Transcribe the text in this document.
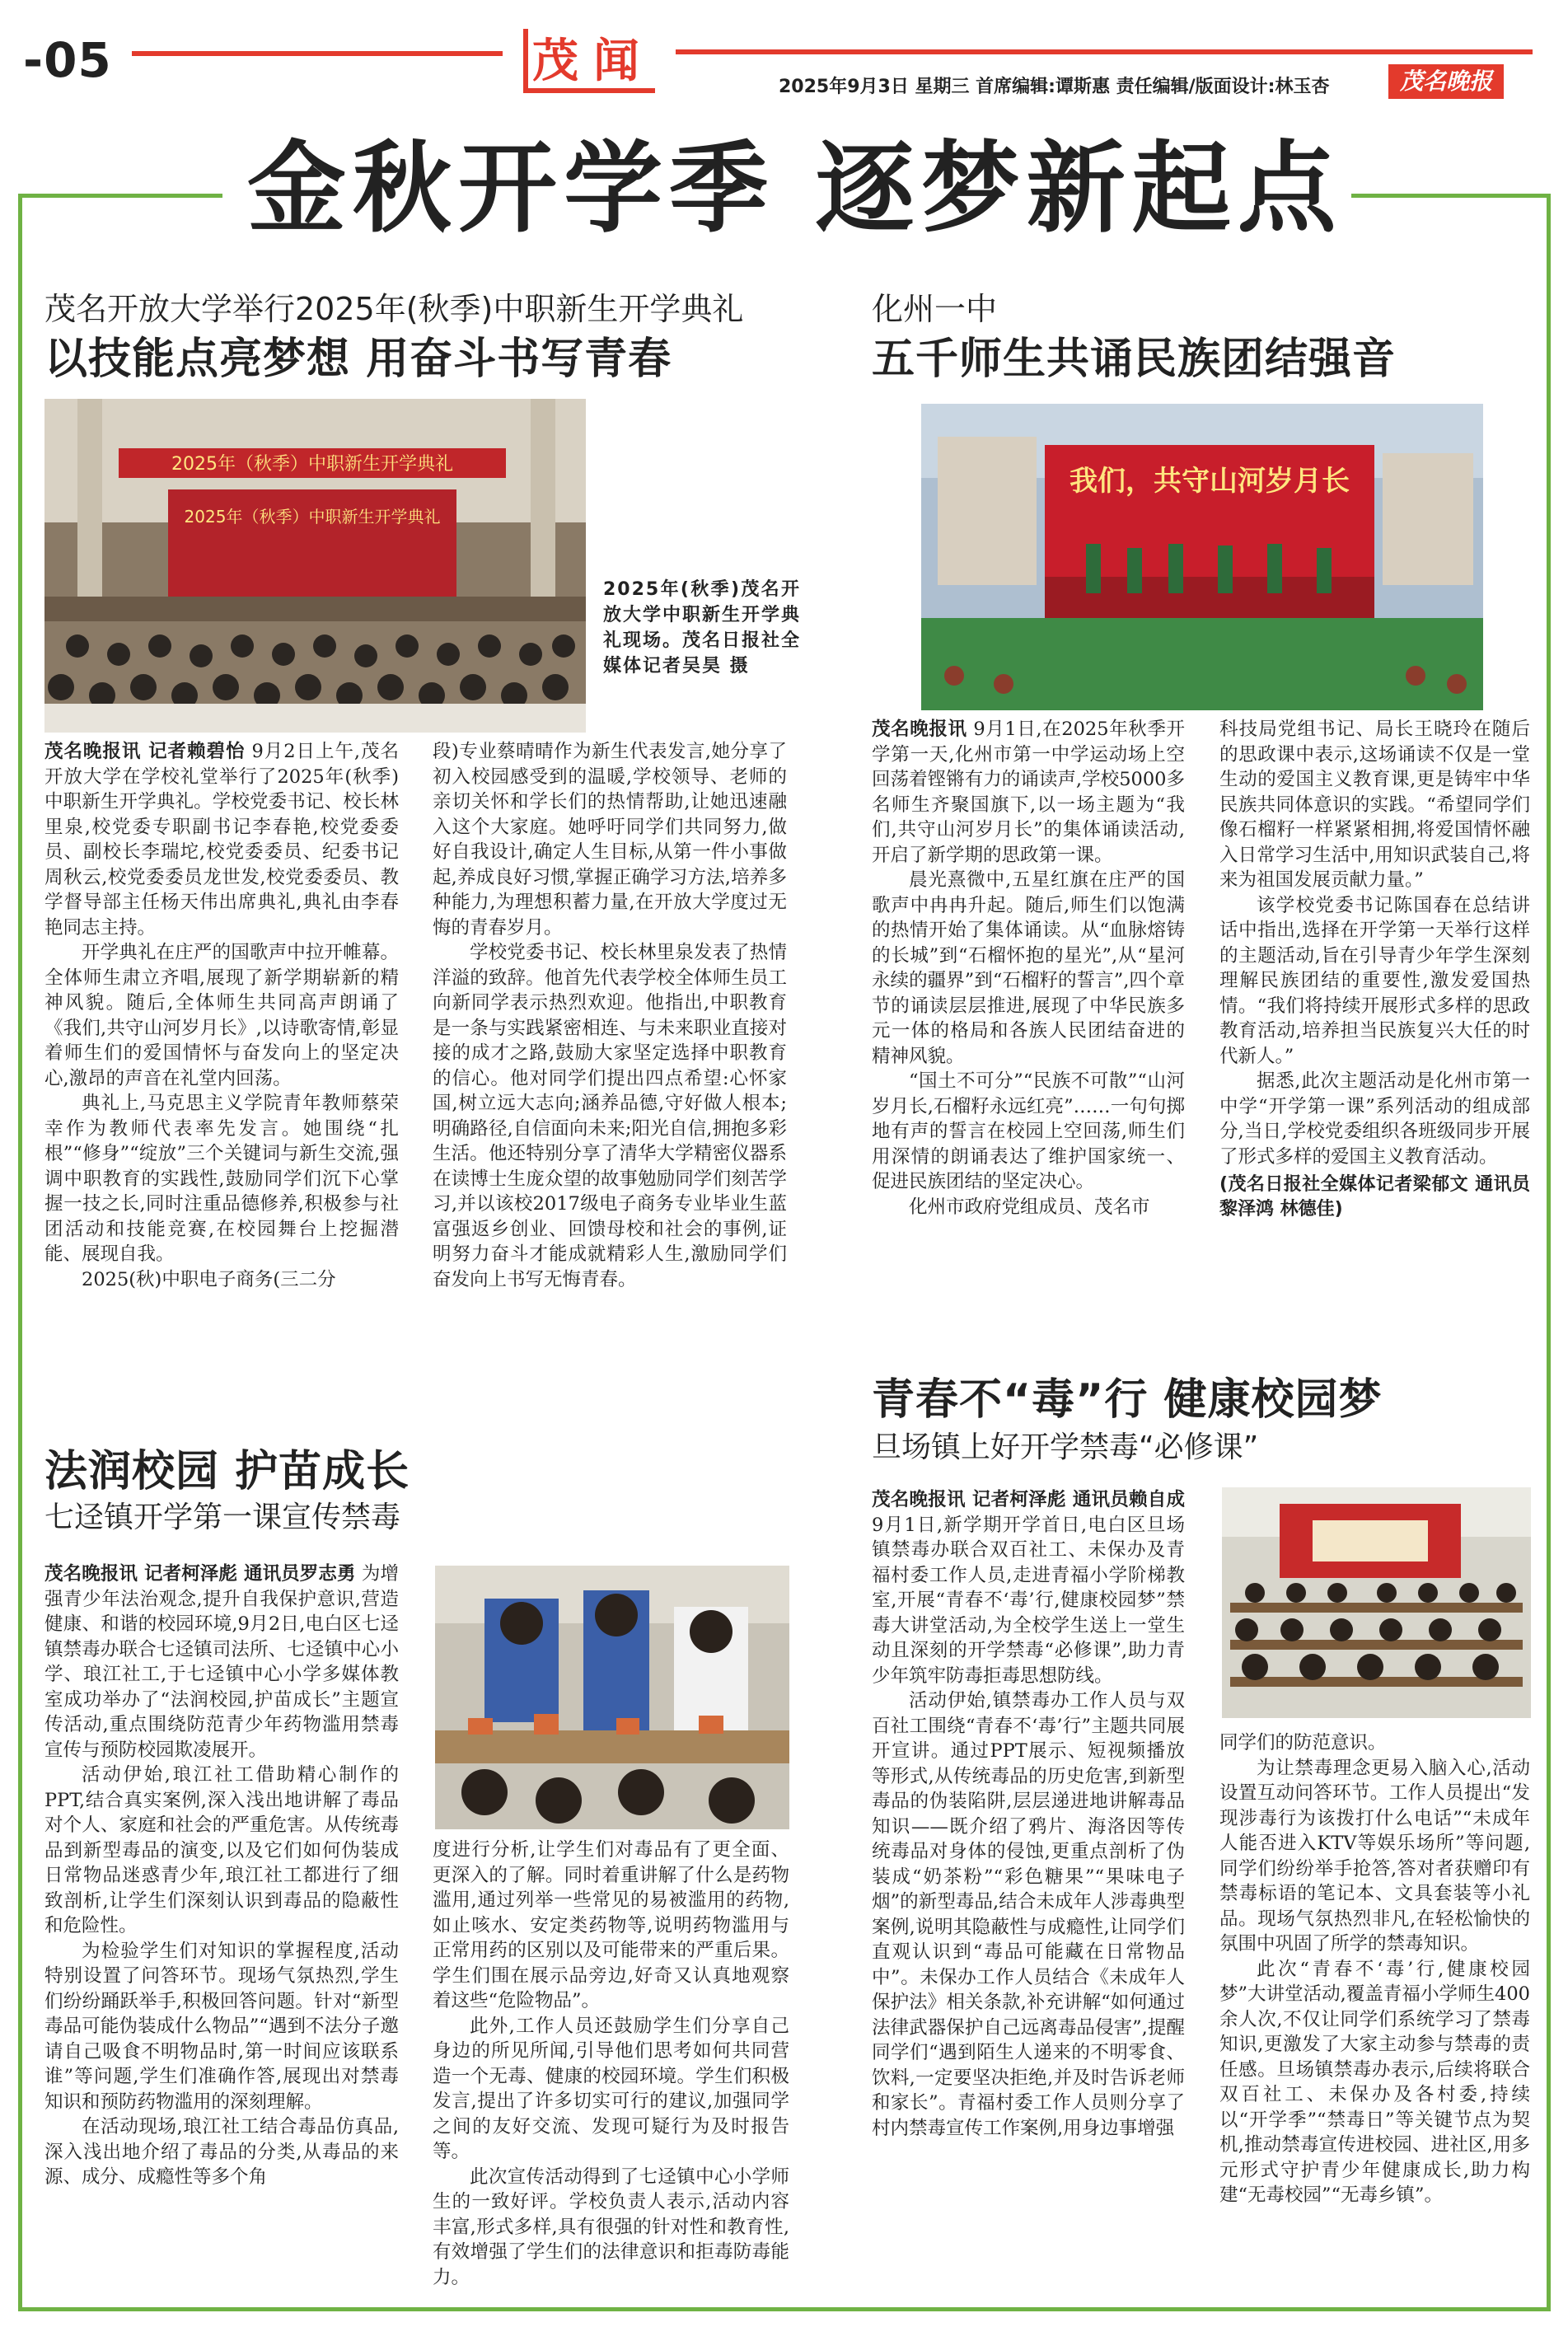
-05	茂 闻	2025年9月3日 星期三 首席编辑:谭斯惠 责任编辑/版面设计:林玉杏	茂名晚报
金秋开学季 逐梦新起点
茂名开放大学举行2025年(秋季)中职新生开学典礼
以技能点亮梦想 用奋斗书写青春
2025年（秋季）中职新生开学典礼
2025年（秋季）中职新生开学典礼
2025年(秋季)茂名开放大学中职新生开学典礼现场。茂名日报社全媒体记者吴昊 摄

茂名晚报讯 记者赖碧怡 9月2日上午,茂名开放大学在学校礼堂举行了2025年(秋季)中职新生开学典礼。学校党委书记、校长林里泉,校党委专职副书记李春艳,校党委委员、副校长李瑞坨,校党委委员、纪委书记周秋云,校党委委员龙世发,校党委委员、教学督导部主任杨天伟出席典礼,典礼由李春艳同志主持。

开学典礼在庄严的国歌声中拉开帷幕。全体师生肃立齐唱,展现了新学期崭新的精神风貌。随后,全体师生共同高声朗诵了《我们,共守山河岁月长》,以诗歌寄情,彰显着师生们的爱国情怀与奋发向上的坚定决心,激昂的声音在礼堂内回荡。

典礼上,马克思主义学院青年教师蔡荣幸作为教师代表率先发言。她围绕“扎根”“修身”“绽放”三个关键词与新生交流,强调中职教育的实践性,鼓励同学们沉下心掌握一技之长,同时注重品德修养,积极参与社团活动和技能竞赛,在校园舞台上挖掘潜能、展现自我。

2025(秋)中职电子商务(三二分

段)专业蔡晴晴作为新生代表发言,她分享了初入校园感受到的温暖,学校领导、老师的亲切关怀和学长们的热情帮助,让她迅速融入这个大家庭。她呼吁同学们共同努力,做好自我设计,确定人生目标,从第一件小事做起,养成良好习惯,掌握正确学习方法,培养多种能力,为理想积蓄力量,在开放大学度过无悔的青春岁月。

学校党委书记、校长林里泉发表了热情洋溢的致辞。他首先代表学校全体师生员工向新同学表示热烈欢迎。他指出,中职教育是一条与实践紧密相连、与未来职业直接对接的成才之路,鼓励大家坚定选择中职教育的信心。他对同学们提出四点希望:心怀家国,树立远大志向;涵养品德,守好做人根本;明确路径,自信面向未来;阳光自信,拥抱多彩生活。他还特别分享了清华大学精密仪器系在读博士生庞众望的故事勉励同学们刻苦学习,并以该校2017级电子商务专业毕业生蓝富强返乡创业、回馈母校和社会的事例,证明努力奋斗才能成就精彩人生,激励同学们奋发向上书写无悔青春。

化州一中
五千师生共诵民族团结强音
我们，共守山河岁月长

茂名晚报讯 9月1日,在2025年秋季开学第一天,化州市第一中学运动场上空回荡着铿锵有力的诵读声,学校5000多名师生齐聚国旗下,以一场主题为“我们,共守山河岁月长”的集体诵读活动,开启了新学期的思政第一课。

晨光熹微中,五星红旗在庄严的国歌声中冉冉升起。随后,师生们以饱满的热情开始了集体诵读。从“血脉熔铸的长城”到“石榴怀抱的星光”,从“星河永续的疆界”到“石榴籽的誓言”,四个章节的诵读层层推进,展现了中华民族多元一体的格局和各族人民团结奋进的精神风貌。

“国土不可分”“民族不可散”“山河岁月长,石榴籽永远红亮”……一句句掷地有声的誓言在校园上空回荡,师生们用深情的朗诵表达了维护国家统一、促进民族团结的坚定决心。

化州市政府党组成员、茂名市

科技局党组书记、局长王晓玲在随后的思政课中表示,这场诵读不仅是一堂生动的爱国主义教育课,更是铸牢中华民族共同体意识的实践。“希望同学们像石榴籽一样紧紧相拥,将爱国情怀融入日常学习生活中,用知识武装自己,将来为祖国发展贡献力量。”

该学校党委书记陈国春在总结讲话中指出,选择在开学第一天举行这样的主题活动,旨在引导青少年学生深刻理解民族团结的重要性,激发爱国热情。“我们将持续开展形式多样的思政教育活动,培养担当民族复兴大任的时代新人。”

据悉,此次主题活动是化州市第一中学“开学第一课”系列活动的组成部分,当日,学校党委组织各班级同步开展了形式多样的爱国主义教育活动。

(茂名日报社全媒体记者梁郁文 通讯员黎泽鸿 林德佳)
法润校园 护苗成长
七迳镇开学第一课宣传禁毒

茂名晚报讯 记者柯泽彪 通讯员罗志勇 为增强青少年法治观念,提升自我保护意识,营造健康、和谐的校园环境,9月2日,电白区七迳镇禁毒办联合七迳镇司法所、七迳镇中心小学、琅江社工,于七迳镇中心小学多媒体教室成功举办了“法润校园,护苗成长”主题宣传活动,重点围绕防范青少年药物滥用禁毒宣传与预防校园欺凌展开。

活动伊始,琅江社工借助精心制作的PPT,结合真实案例,深入浅出地讲解了毒品对个人、家庭和社会的严重危害。从传统毒品到新型毒品的演变,以及它们如何伪装成日常物品迷惑青少年,琅江社工都进行了细致剖析,让学生们深刻认识到毒品的隐蔽性和危险性。

为检验学生们对知识的掌握程度,活动特别设置了问答环节。现场气氛热烈,学生们纷纷踊跃举手,积极回答问题。针对“新型毒品可能伪装成什么物品”“遇到不法分子邀请自己吸食不明物品时,第一时间应该联系谁”等问题,学生们准确作答,展现出对禁毒知识和预防药物滥用的深刻理解。

在活动现场,琅江社工结合毒品仿真品,深入浅出地介绍了毒品的分类,从毒品的来源、成分、成瘾性等多个角

度进行分析,让学生们对毒品有了更全面、更深入的了解。同时着重讲解了什么是药物滥用,通过列举一些常见的易被滥用的药物,如止咳水、安定类药物等,说明药物滥用与正常用药的区别以及可能带来的严重后果。学生们围在展示品旁边,好奇又认真地观察着这些“危险物品”。

此外,工作人员还鼓励学生们分享自己身边的所见所闻,引导他们思考如何共同营造一个无毒、健康的校园环境。学生们积极发言,提出了许多切实可行的建议,加强同学之间的友好交流、发现可疑行为及时报告等。

此次宣传活动得到了七迳镇中心小学师生的一致好评。学校负责人表示,活动内容丰富,形式多样,具有很强的针对性和教育性,有效增强了学生们的法律意识和拒毒防毒能力。

青春不“毒”行 健康校园梦
旦场镇上好开学禁毒“必修课”

茂名晚报讯 记者柯泽彪 通讯员赖自成 9月1日,新学期开学首日,电白区旦场镇禁毒办联合双百社工、未保办及青福村委工作人员,走进青福小学阶梯教室,开展“青春不‘毒’行,健康校园梦”禁毒大讲堂活动,为全校学生送上一堂生动且深刻的开学禁毒“必修课”,助力青少年筑牢防毒拒毒思想防线。

活动伊始,镇禁毒办工作人员与双百社工围绕“青春不‘毒’行”主题共同展开宣讲。通过PPT展示、短视频播放等形式,从传统毒品的历史危害,到新型毒品的伪装陷阱,层层递进地讲解毒品知识——既介绍了鸦片、海洛因等传统毒品对身体的侵蚀,更重点剖析了伪装成“奶茶粉”“彩色糖果”“果味电子烟”的新型毒品,结合未成年人涉毒典型案例,说明其隐蔽性与成瘾性,让同学们直观认识到“毒品可能藏在日常物品中”。未保办工作人员结合《未成年人保护法》相关条款,补充讲解“如何通过法律武器保护自己远离毒品侵害”,提醒同学们“遇到陌生人递来的不明零食、饮料,一定要坚决拒绝,并及时告诉老师和家长”。青福村委工作人员则分享了村内禁毒宣传工作案例,用身边事增强

同学们的防范意识。

为让禁毒理念更易入脑入心,活动设置互动问答环节。工作人员提出“发现涉毒行为该拨打什么电话”“未成年人能否进入KTV等娱乐场所”等问题,同学们纷纷举手抢答,答对者获赠印有禁毒标语的笔记本、文具套装等小礼品。现场气氛热烈非凡,在轻松愉快的氛围中巩固了所学的禁毒知识。

此次“青春不‘毒’行,健康校园梦”大讲堂活动,覆盖青福小学师生400余人次,不仅让同学们系统学习了禁毒知识,更激发了大家主动参与禁毒的责任感。旦场镇禁毒办表示,后续将联合双百社工、未保办及各村委,持续以“开学季”“禁毒日”等关键节点为契机,推动禁毒宣传进校园、进社区,用多元形式守护青少年健康成长,助力构建“无毒校园”“无毒乡镇”。
